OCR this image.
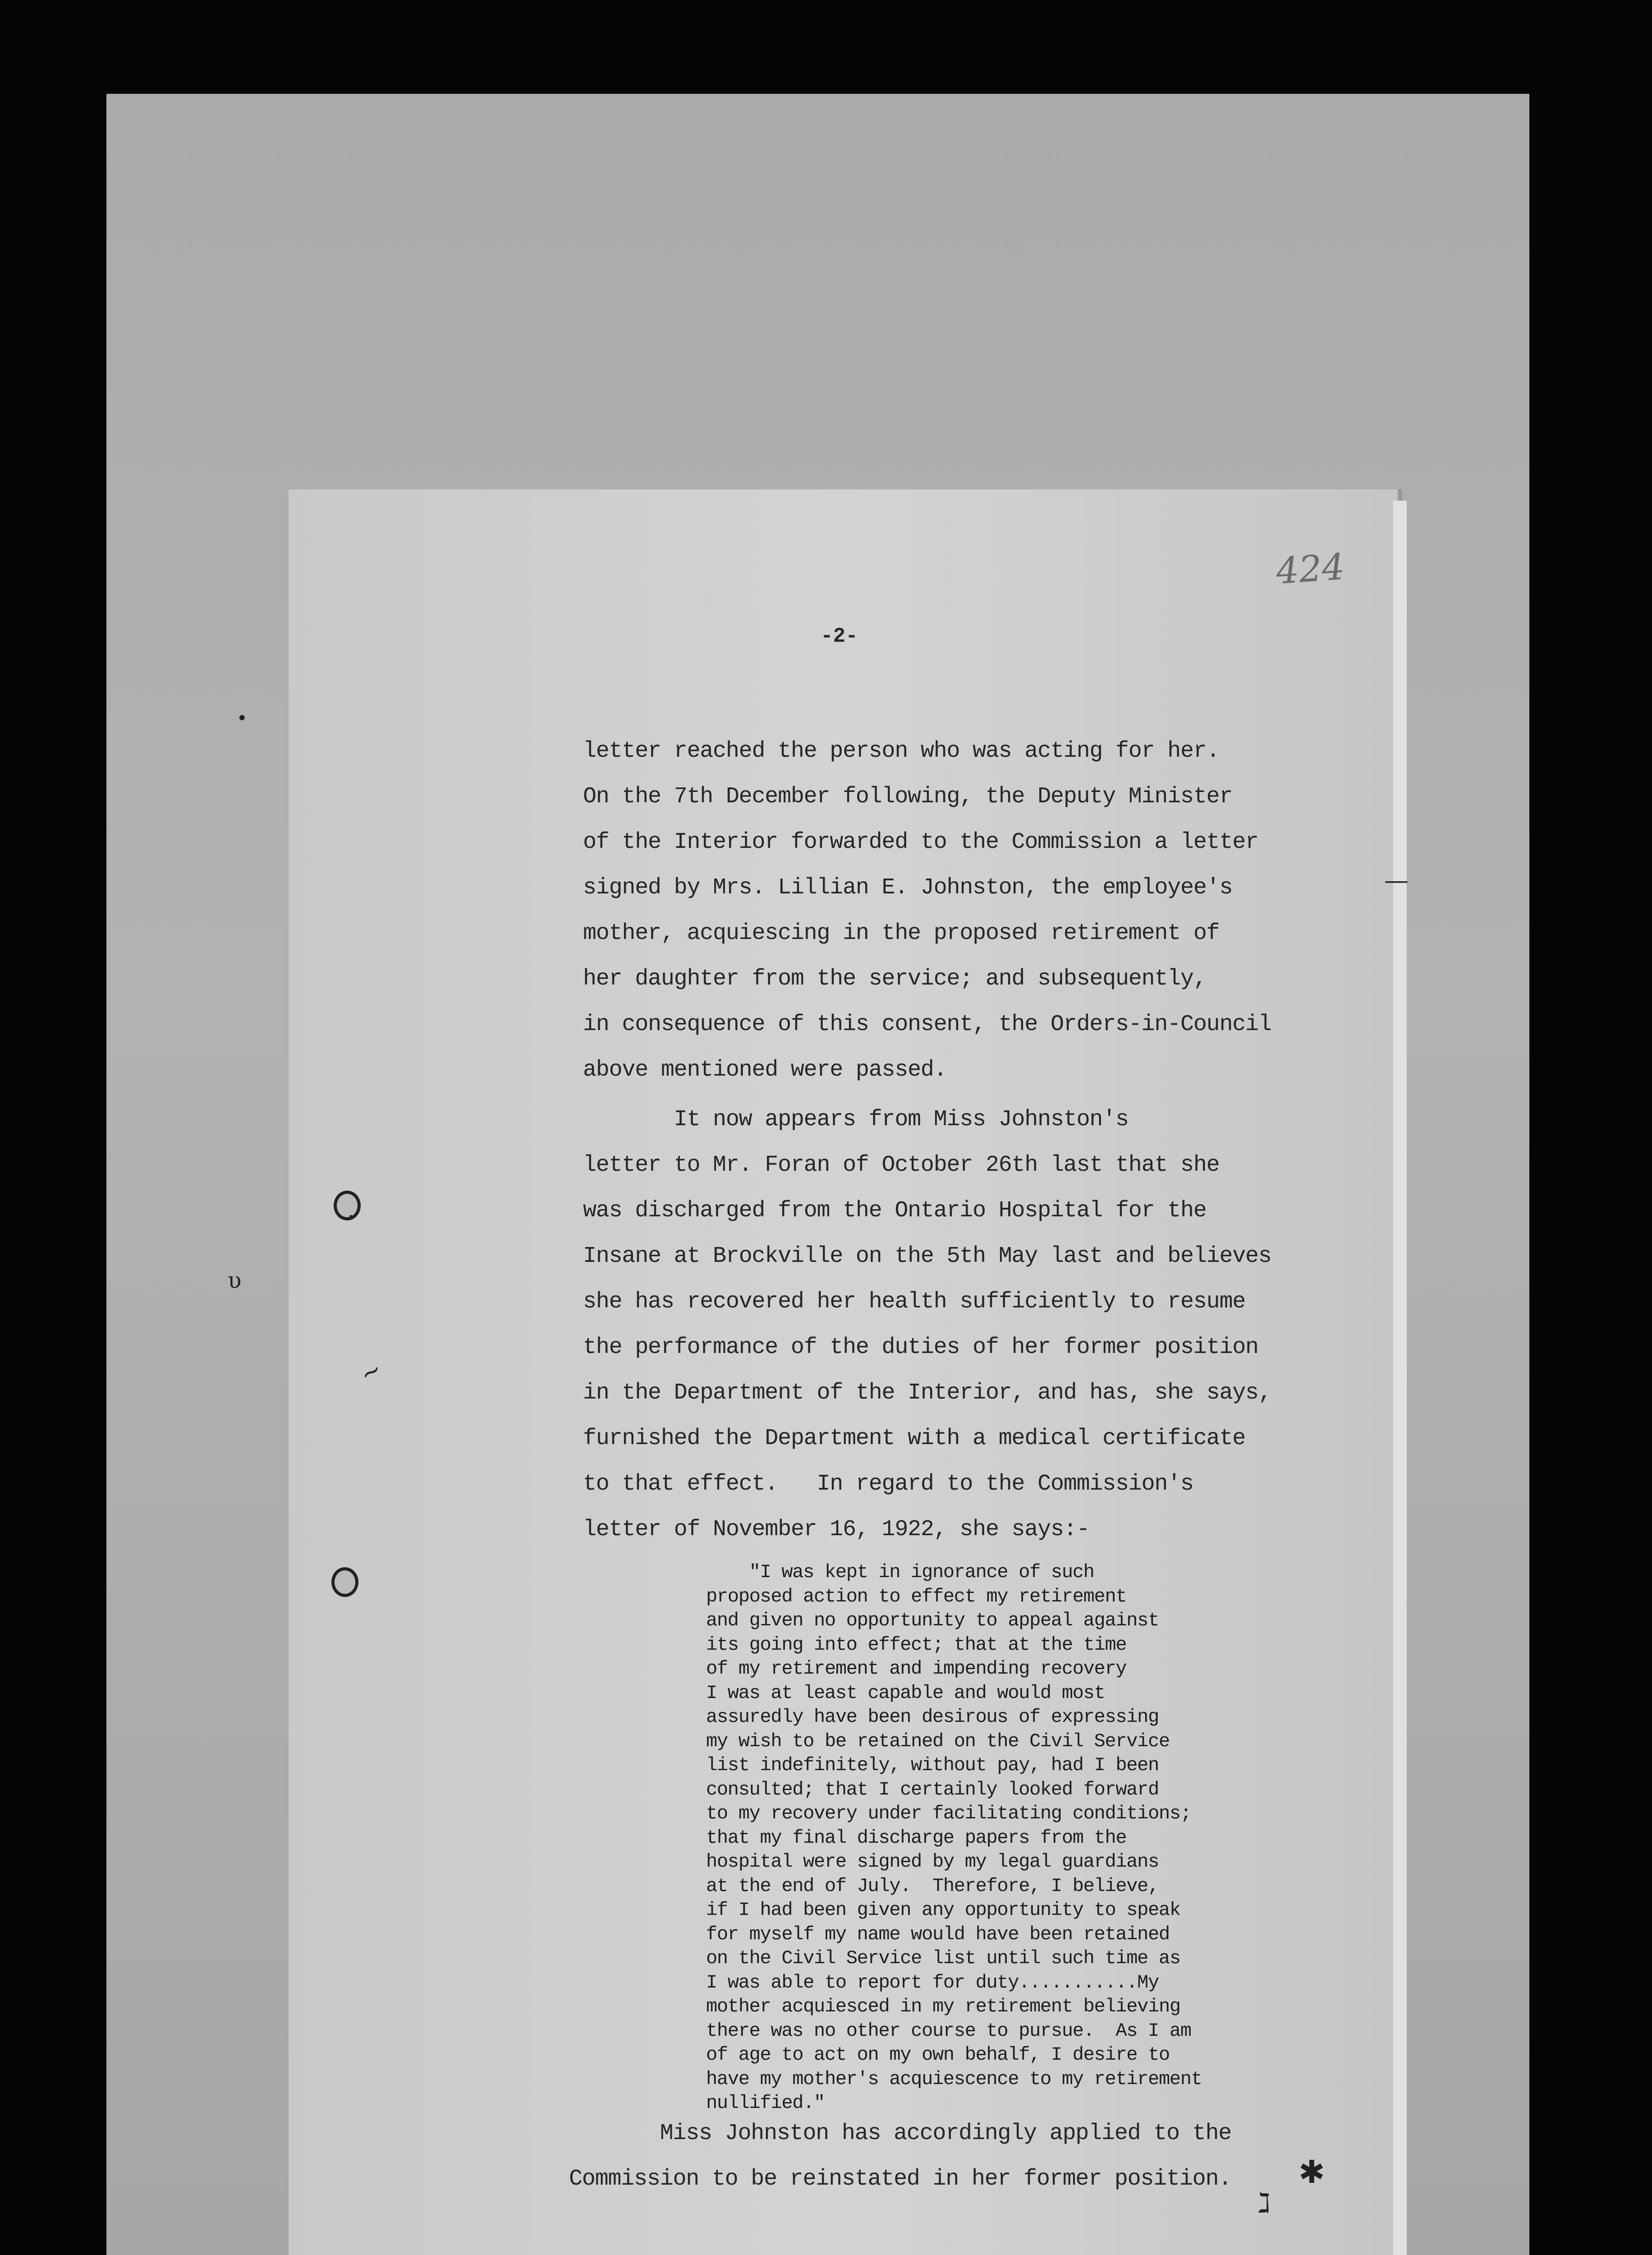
424
-2-

letter reached the person who was acting for her.
On the 7th December following, the Deputy Minister
of the Interior forwarded to the Commission a letter
signed by Mrs. Lillian E. Johnston, the employee's
mother, acquiescing in the proposed retirement of
her daughter from the service; and subsequently,
in consequence of this consent, the Orders-in-Council
above mentioned were passed.

It now appears from Miss Johnston's
letter to Mr. Foran of October 26th last that she
was discharged from the Ontario Hospital for the
Insane at Brockville on the 5th May last and believes
she has recovered her health sufficiently to resume
the performance of the duties of her former position
in the Department of the Interior, and has, she says,
furnished the Department with a medical certificate
to that effect.   In regard to the Commission's
letter of November 16, 1922, she says:-

"I was kept in ignorance of such
proposed action to effect my retirement
and given no opportunity to appeal against
its going into effect; that at the time
of my retirement and impending recovery
I was at least capable and would most
assuredly have been desirous of expressing
my wish to be retained on the Civil Service
list indefinitely, without pay, had I been
consulted; that I certainly looked forward
to my recovery under facilitating conditions;
that my final discharge papers from the
hospital were signed by my legal guardians
at the end of July.  Therefore, I believe,
if I had been given any opportunity to speak
for myself my name would have been retained
on the Civil Service list until such time as
I was able to report for duty...........My
mother acquiesced in my retirement believing
there was no other course to pursue.  As I am
of age to act on my own behalf, I desire to
have my mother's acquiescence to my retirement
nullified."

Miss Johnston has accordingly applied to the
Commission to be reinstated in her former position.

.
υ
~
—
✱
ℷ
•
